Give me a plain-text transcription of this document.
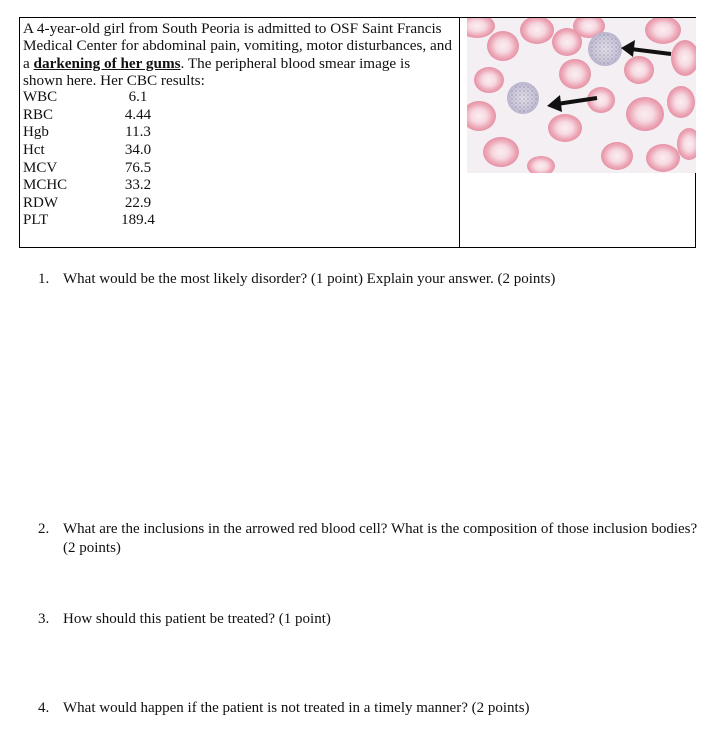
A 4-year-old girl from South Peoria is admitted to OSF Saint Francis Medical Center for abdominal pain, vomiting, motor disturbances, and a darkening of her gums. The peripheral blood smear image is shown here. Her CBC results:
WBC	6.1
RBC	4.44
Hgb	11.3
Hct	34.0
MCV	76.5
MCHC	33.2
RDW	22.9
PLT	189.4
1. What would be the most likely disorder? (1 point) Explain your answer. (2 points)
2. What are the inclusions in the arrowed red blood cell? What is the composition of those inclusion bodies? (2 points)
3. How should this patient be treated? (1 point)
4. What would happen if the patient is not treated in a timely manner? (2 points)
